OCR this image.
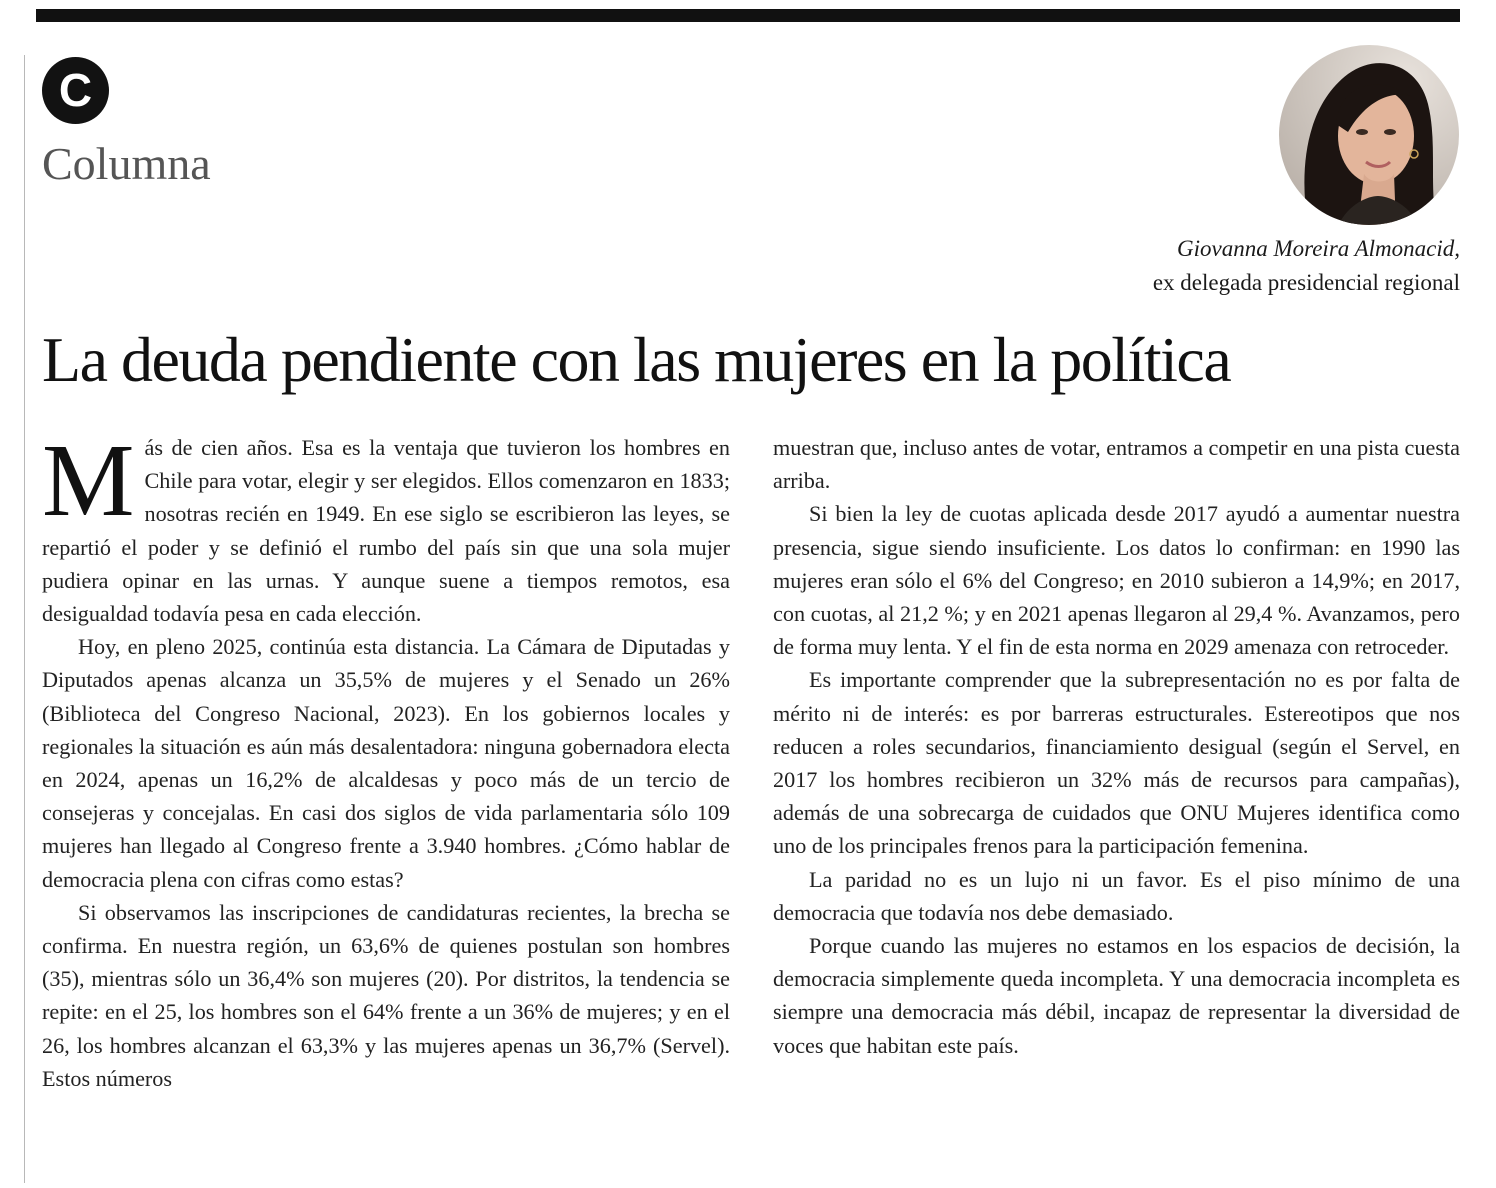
C
Columna
Giovanna Moreira Almonacid,
ex delegada presidencial regional
La deuda pendiente con las mujeres en la política

Más de cien años. Esa es la ventaja que tuvieron los hombres en Chile para votar, elegir y ser elegidos. Ellos comenzaron en 1833; nosotras recién en 1949. En ese siglo se escribieron las leyes, se repartió el poder y se definió el rumbo del país sin que una sola mujer pudiera opinar en las urnas. Y aunque suene a tiempos remotos, esa desigualdad todavía pesa en cada elección.

Hoy, en pleno 2025, continúa esta distancia. La Cámara de Diputadas y Diputados apenas alcanza un 35,5% de mujeres y el Senado un 26% (Biblioteca del Congreso Nacional, 2023). En los gobiernos locales y regionales la situación es aún más desalentadora: ninguna gobernadora electa en 2024, apenas un 16,2% de alcaldesas y poco más de un tercio de consejeras y concejalas. En casi dos siglos de vida parlamentaria sólo 109 mujeres han llegado al Congreso frente a 3.940 hombres. ¿Cómo hablar de democracia plena con cifras como estas?

Si observamos las inscripciones de candidaturas recientes, la brecha se confirma. En nuestra región, un 63,6% de quienes postulan son hombres (35), mientras sólo un 36,4% son mujeres (20). Por distritos, la tendencia se repite: en el 25, los hombres son el 64% frente a un 36% de mujeres; y en el 26, los hombres alcanzan el 63,3% y las mujeres apenas un 36,7% (Servel). Estos números

muestran que, incluso antes de votar, entramos a competir en una pista cuesta arriba.

Si bien la ley de cuotas aplicada desde 2017 ayudó a aumentar nuestra presencia, sigue siendo insuficiente. Los datos lo confirman: en 1990 las mujeres eran sólo el 6% del Congreso; en 2010 subieron a 14,9%; en 2017, con cuotas, al 21,2 %; y en 2021 apenas llegaron al 29,4 %. Avanzamos, pero de forma muy lenta. Y el fin de esta norma en 2029 amenaza con retroceder.

Es importante comprender que la subrepresentación no es por falta de mérito ni de interés: es por barreras estructurales. Estereotipos que nos reducen a roles secundarios, financiamiento desigual (según el Servel, en 2017 los hombres recibieron un 32% más de recursos para campañas), además de una sobrecarga de cuidados que ONU Mujeres identifica como uno de los principales frenos para la participación femenina.

La paridad no es un lujo ni un favor. Es el piso mínimo de una democracia que todavía nos debe demasiado.

Porque cuando las mujeres no estamos en los espacios de decisión, la democracia simplemente queda incompleta. Y una democracia incompleta es siempre una democracia más débil, incapaz de representar la diversidad de voces que habitan este país.
